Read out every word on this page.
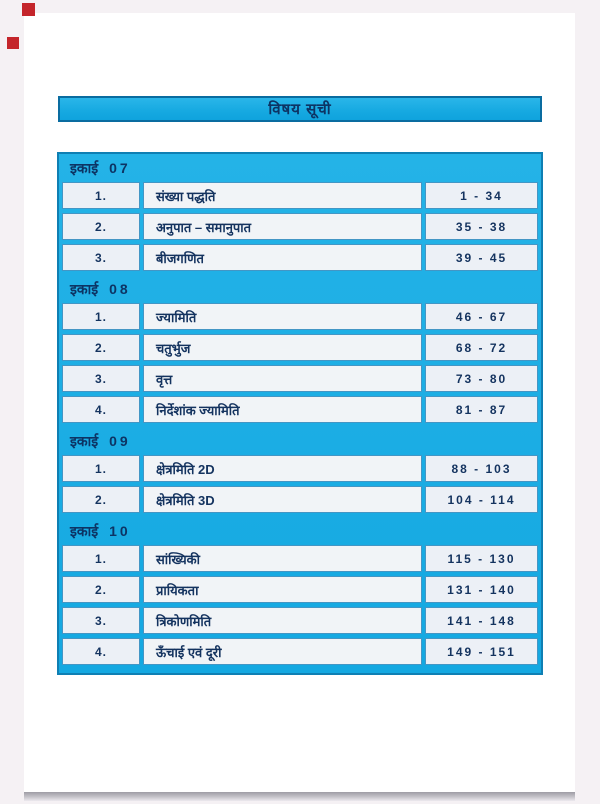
विषय सूची
इकाई 07
1.	संख्या पद्धति	1 - 34
2.	अनुपात – समानुपात	35 - 38
3.	बीजगणित	39 - 45
इकाई 08
1.	ज्यामिति	46 - 67
2.	चतुर्भुज	68 - 72
3.	वृत्त	73 - 80
4.	निर्देशांक ज्यामिति	81 - 87
इकाई 09
1.	क्षेत्रमिति 2D	88 - 103
2.	क्षेत्रमिति 3D	104 - 114
इकाई 10
1.	सांख्यिकी	115 - 130
2.	प्रायिकता	131 - 140
3.	त्रिकोणमिति	141 - 148
4.	ऊँचाई एवं दूरी	149 - 151
